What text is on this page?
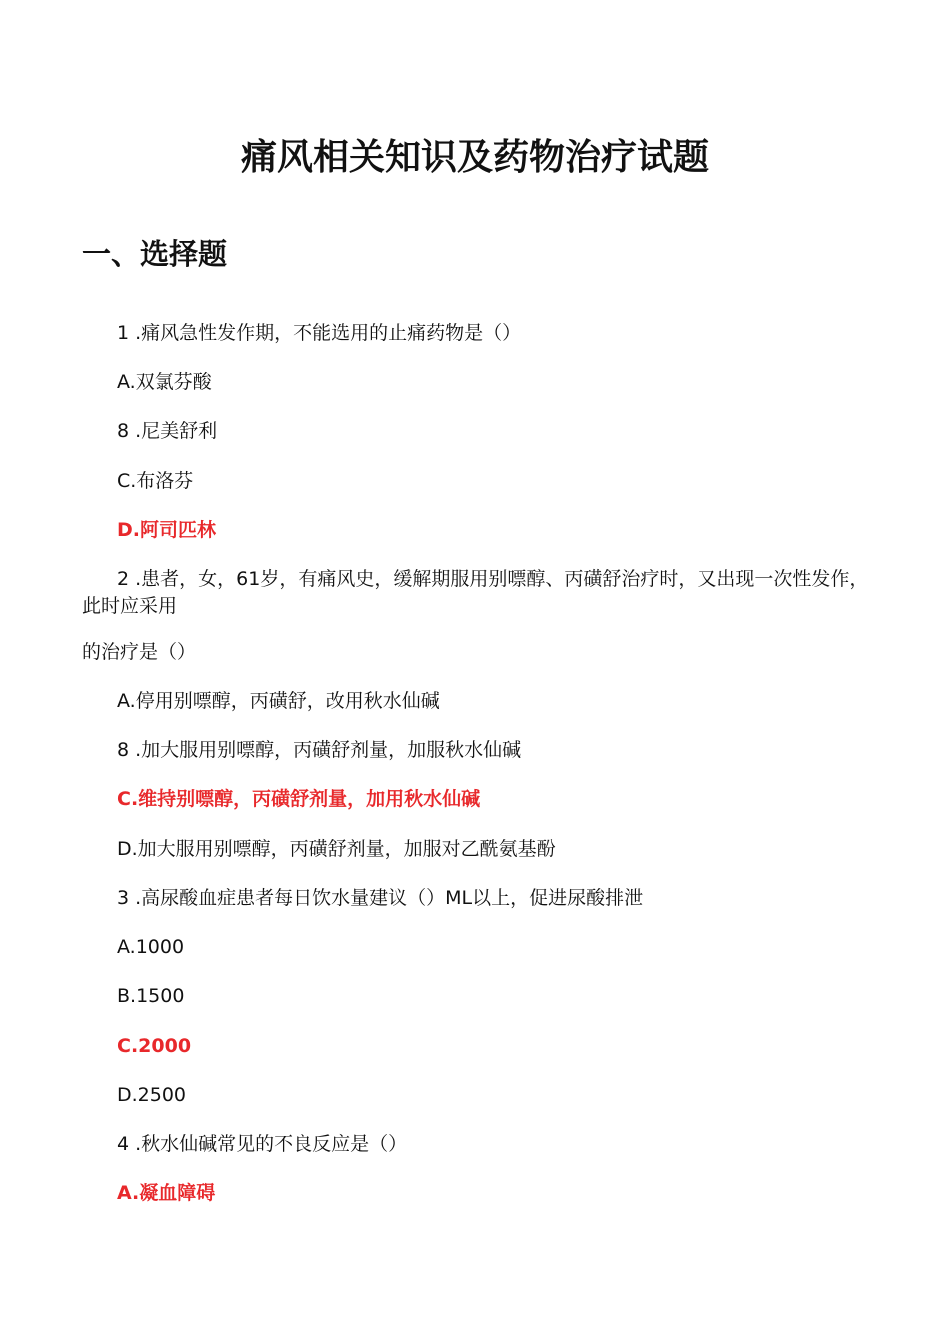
痛风相关知识及药物治疗试题
一、选择题
1 .痛风急性发作期，不能选用的止痛药物是（）
A.双氯芬酸
8 .尼美舒利
C.布洛芬
D.阿司匹林
2 .患者，女，61岁，有痛风史，缓解期服用别嘌醇、丙磺舒治疗时，又出现一次性发作，此时应采用
的治疗是（）
A.停用别嘌醇，丙磺舒，改用秋水仙碱
8 .加大服用别嘌醇，丙磺舒剂量，加服秋水仙碱
C.维持别嘌醇，丙磺舒剂量，加用秋水仙碱
D.加大服用别嘌醇，丙磺舒剂量，加服对乙酰氨基酚
3 .高尿酸血症患者每日饮水量建议（）ML以上，促进尿酸排泄
A.1000
B.1500
C.2000
D.2500
4 .秋水仙碱常见的不良反应是（）
A.凝血障碍
